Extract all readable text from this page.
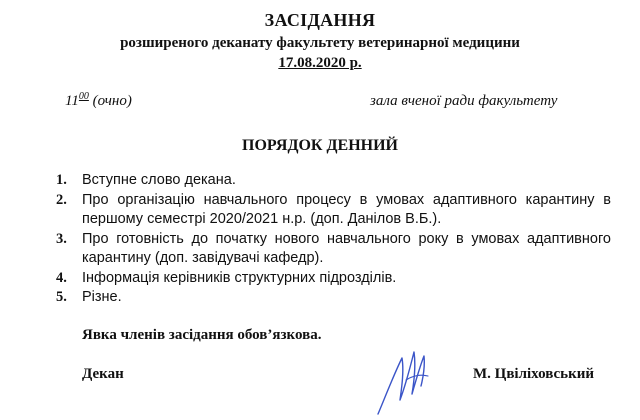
ЗАСІДАННЯ
розширеного деканату факультету ветеринарної медицини
17.08.2020 р.
$11^{00}$ (очно)	зала вченої ради факультету
ПОРЯДОК ДЕННИЙ
1. Вступне слово декана.
2. Про організацію навчального процесу в умовах адаптивного карантину в першому семестрі 2020/2021 н.р. (доп. Данілов В.Б.).
3. Про готовність до початку нового навчального року в умовах адаптивного карантину (доп. завідувачі кафедр).
4. Інформація керівників структурних підрозділів.
5. Різне.
Явка членів засідання обов’язкова.
Декан	М. Цвіліховський
